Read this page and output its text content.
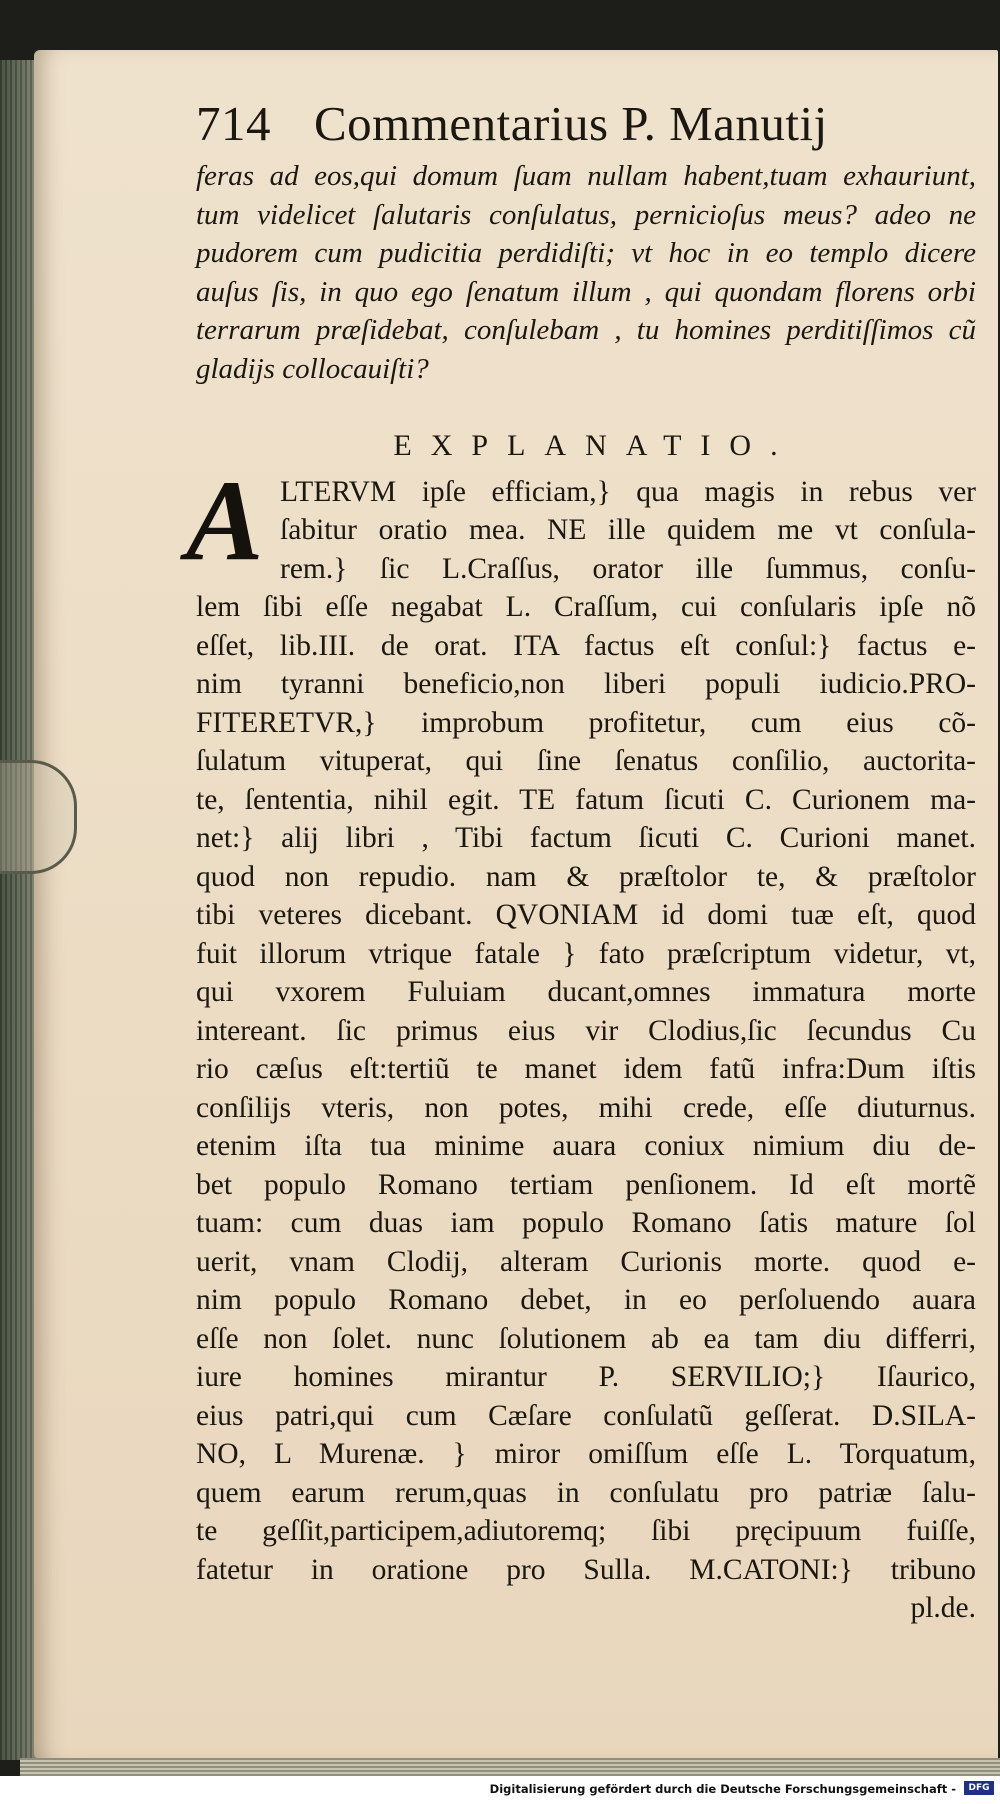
714 Commentarius P. Manutij
feras ad eos,qui domum ſuam nullam habent,tuam exhauriunt,
tum videlicet ſalutaris conſulatus, pernicioſus meus? adeo ne
pudorem cum pudicitia perdidiſti; vt hoc in eo templo dicere
auſus ſis, in quo ego ſenatum illum , qui quondam florens orbi
terrarum præſidebat, conſulebam , tu homines perditiſſimos cũ
gladijs collocauiſti?
EXPLANATIO.
A LTERVM ipſe efficiam,} qua magis in rebus ver
ſabitur oratio mea. NE ille quidem me vt conſula-
rem.} ſic L.Craſſus, orator ille ſummus, conſu-
lem ſibi eſſe negabat L. Craſſum, cui conſularis ipſe nõ
eſſet, lib.III. de orat. ITA factus eſt conſul:} factus e-
nim tyranni beneficio,non liberi populi iudicio.PRO-
FITERETVR,} improbum profitetur, cum eius cõ-
ſulatum vituperat, qui ſine ſenatus conſilio, auctorita-
te, ſententia, nihil egit. TE fatum ſicuti C. Curionem ma-
net:} alij libri , Tibi factum ſicuti C. Curioni manet.
quod non repudio. nam & præſtolor te, & præſtolor
tibi veteres dicebant. QVONIAM id domi tuæ eſt, quod
fuit illorum vtrique fatale } fato præſcriptum videtur, vt,
qui vxorem Fuluiam ducant,omnes immatura morte
intereant. ſic primus eius vir Clodius,ſic ſecundus Cu
rio cæſus eſt:tertiũ te manet idem fatũ infra:Dum iſtis
conſilijs vteris, non potes, mihi crede, eſſe diuturnus.
etenim iſta tua minime auara coniux nimium diu de-
bet populo Romano tertiam penſionem. Id eſt mortẽ
tuam: cum duas iam populo Romano ſatis mature ſol
uerit, vnam Clodij, alteram Curionis morte. quod e-
nim populo Romano debet, in eo perſoluendo auara
eſſe non ſolet. nunc ſolutionem ab ea tam diu differri,
iure homines mirantur P. SERVILIO;} Iſaurico,
eius patri,qui cum Cæſare conſulatũ geſſerat. D.SILA-
NO, L Murenæ. } miror omiſſum eſſe L. Torquatum,
quem earum rerum,quas in conſulatu pro patriæ ſalu-
te geſſit,participem,adiutoremq; ſibi pręcipuum fuiſſe,
fatetur in oratione pro Sulla. M.CATONI:} tribuno
pl.de.
Digitalisierung gefördert durch die Deutsche Forschungsgemeinschaft -	DFG
